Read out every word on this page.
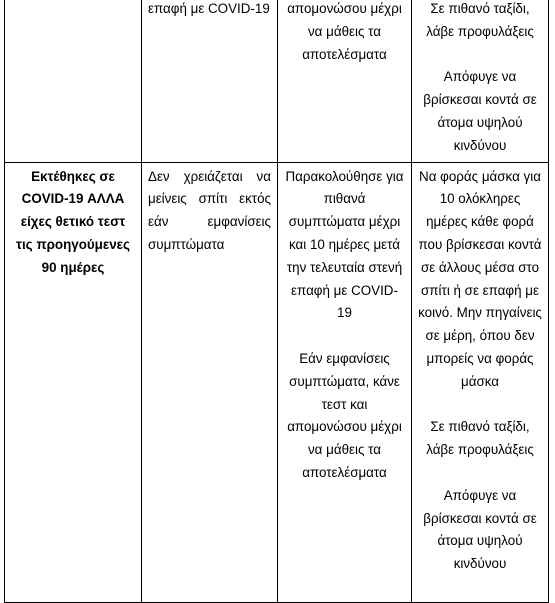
	επαφή με COVID-19	απομονώσου μέχρι να μάθεις τα αποτελέσματα	Σε πιθανό ταξίδι, λάβε προφυλάξεις
Απόφυγε να βρίσκεσαι κοντά σε άτομα υψηλού κινδύνου

Εκτέθηκες σε COVID-19 ΑΛΛΑ είχες θετικό τεστ τις προηγούμενες 90 ημέρες	Δεν χρειάζεται να μείνεις σπίτι εκτός εάν εμφανίσεις συμπτώματα	Παρακολούθησε για πιθανά συμπτώματα μέχρι και 10 ημέρες μετά την τελευταία στενή επαφή με COVID-19
Εάν εμφανίσεις συμπτώματα, κάνε τεστ και απομονώσου μέχρι να μάθεις τα αποτελέσματα	Να φοράς μάσκα για 10 ολόκληρες ημέρες κάθε φορά που βρίσκεσαι κοντά σε άλλους μέσα στο σπίτι ή σε επαφή με κοινό. Μην πηγαίνεις σε μέρη, όπου δεν μπορείς να φοράς μάσκα
Σε πιθανό ταξίδι, λάβε προφυλάξεις
Απόφυγε να βρίσκεσαι κοντά σε άτομα υψηλού κινδύνου
